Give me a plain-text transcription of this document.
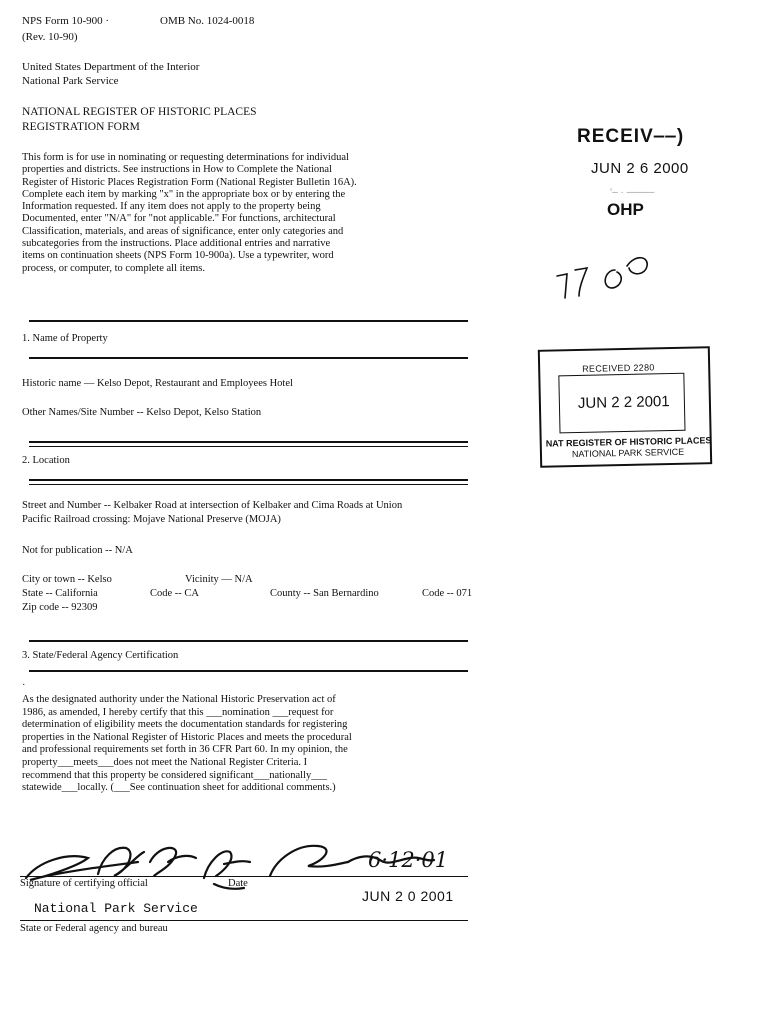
NPS Form 10-900 ·	OMB No. 1024-0018
(Rev. 10-90)
United States Department of the Interior
National Park Service
NATIONAL REGISTER OF HISTORIC PLACES
REGISTRATION FORM
This form is for use in nominating or requesting determinations for individual
properties and districts. See instructions in How to Complete the National
Register of Historic Places Registration Form (National Register Bulletin 16A).
Complete each item by marking "x" in the appropriate box or by entering the
Information requested. If any item does not apply to the property being
Documented, enter "N/A" for "not applicable." For functions, architectural
Classification, materials, and areas of significance, enter only categories and
subcategories from the instructions. Place additional entries and narrative
items on continuation sheets (NPS Form 10-900a). Use a typewriter, word
process, or computer, to complete all items.
1. Name of Property
Historic name — Kelso Depot, Restaurant and Employees Hotel
Other Names/Site Number -- Kelso Depot, Kelso Station
2. Location
Street and Number -- Kelbaker Road at intersection of Kelbaker and Cima Roads at Union
Pacific Railroad crossing: Mojave National Preserve (MOJA)
Not for publication -- N/A
City or town -- Kelso	Vicinity — N/A
State -- California	Code -- CA	County -- San Bernardino	Code -- 071
Zip code -- 92309
3. State/Federal Agency Certification
·
As the designated authority under the National Historic Preservation act of
1986, as amended, I hereby certify that this ___nomination ___request for
determination of eligibility meets the documentation standards for registering
properties in the National Register of Historic Places and meets the procedural
and professional requirements set forth in 36 CFR Part 60. In my opinion, the
property___meets___does not meet the National Register Criteria. I
recommend that this property be considered significant___nationally___
statewide___locally. (___See continuation sheet for additional comments.)
6·12·01
Signature of certifying official	Date
JUN 2 0 2001
National Park Service
State or Federal agency and bureau
RECEIV‒‒)
JUN 2 6 2000
‘‒ · ‒‒‒‒‒
OHP
RECEIVED 2280
JUN 2 2 2001
NAT REGISTER OF HISTORIC PLACES
NATIONAL PARK SERVICE
